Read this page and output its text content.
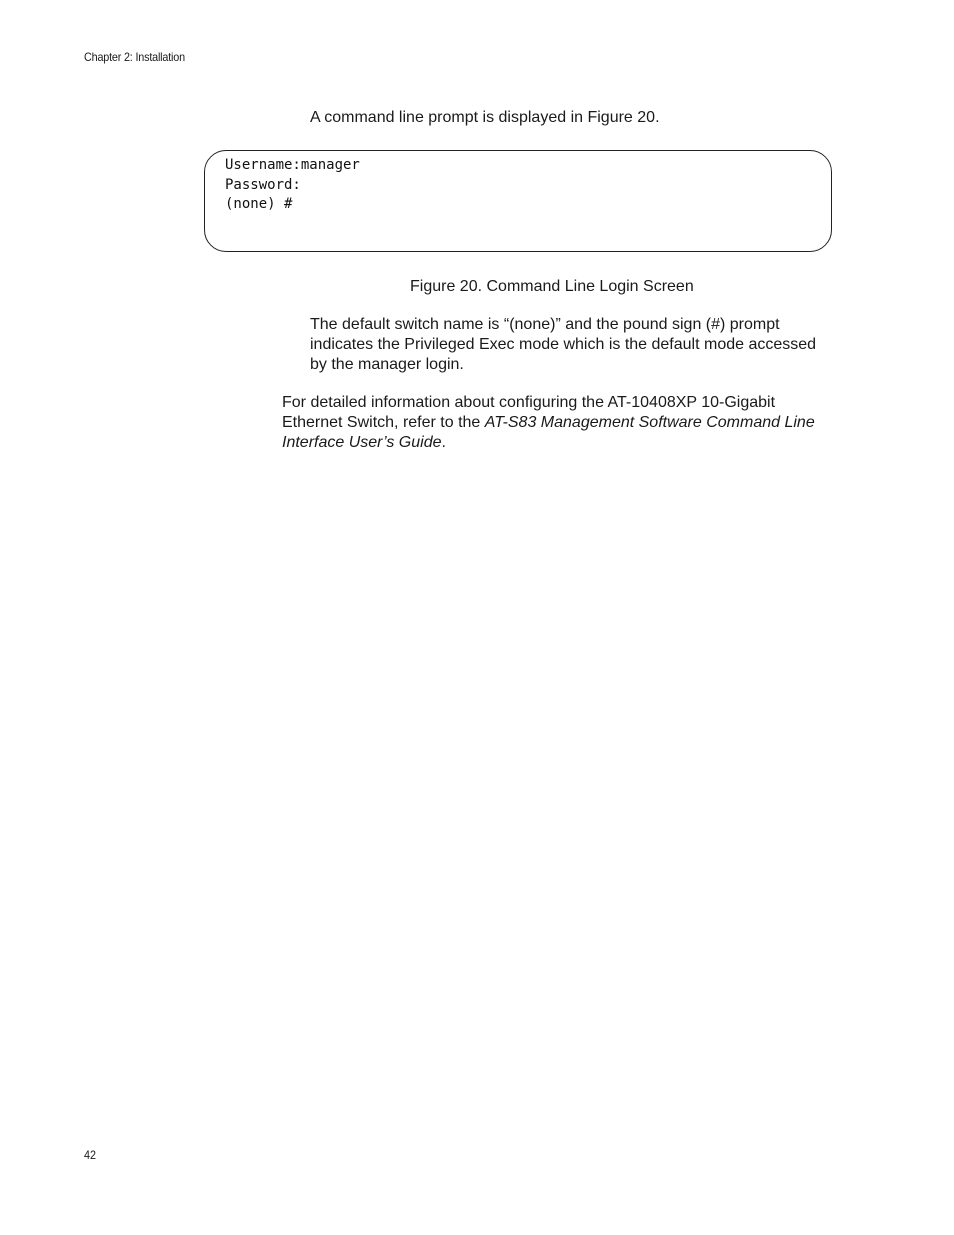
Chapter 2: Installation

A command line prompt is displayed in Figure 20.

Username:manager
Password:
(none) #

Figure 20. Command Line Login Screen

The default switch name is “(none)” and the pound sign (#) prompt indicates the Privileged Exec mode which is the default mode accessed by the manager login.

For detailed information about configuring the AT-10408XP 10-Gigabit Ethernet Switch, refer to the AT-S83 Management Software Command Line Interface User’s Guide.

42
